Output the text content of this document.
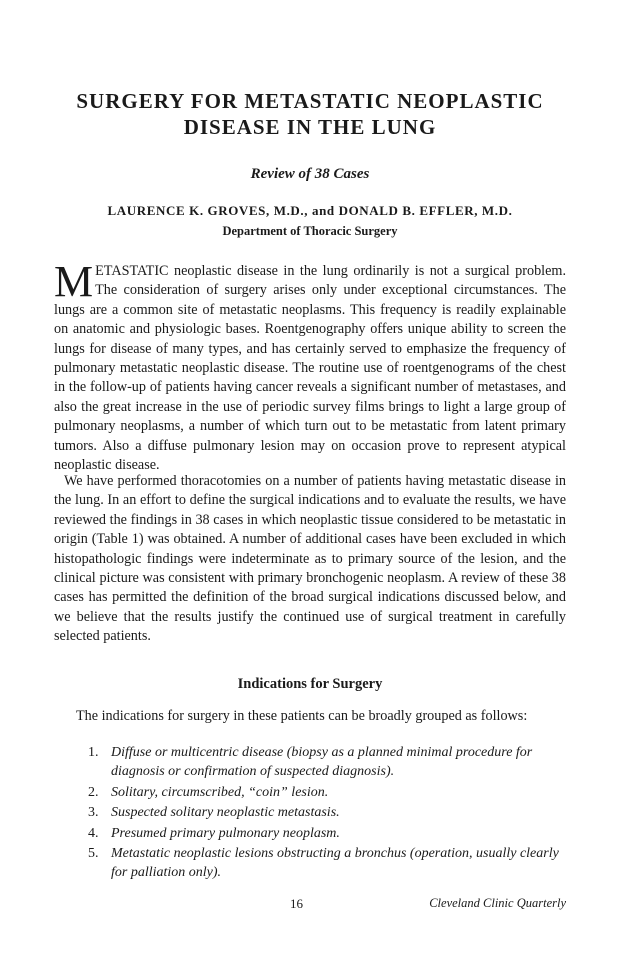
SURGERY FOR METASTATIC NEOPLASTIC DISEASE IN THE LUNG
Review of 38 Cases

LAURENCE K. GROVES, M.D., and DONALD B. EFFLER, M.D.

Department of Thoracic Surgery

METASTATIC neoplastic disease in the lung ordinarily is not a surgical problem. The consideration of surgery arises only under exceptional circumstances. The lungs are a common site of metastatic neoplasms. This frequency is readily explainable on anatomic and physiologic bases. Roentgenography offers unique ability to screen the lungs for disease of many types, and has certainly served to emphasize the frequency of pulmonary metastatic neoplastic disease. The routine use of roentgenograms of the chest in the follow-up of patients having cancer reveals a significant number of metastases, and also the great increase in the use of periodic survey films brings to light a large group of pulmonary neoplasms, a number of which turn out to be metastatic from latent primary tumors. Also a diffuse pulmonary lesion may on occasion prove to represent atypical neoplastic disease.

We have performed thoracotomies on a number of patients having metastatic disease in the lung. In an effort to define the surgical indications and to evaluate the results, we have reviewed the findings in 38 cases in which neoplastic tissue considered to be metastatic in origin (Table 1) was obtained. A number of additional cases have been excluded in which histopathologic findings were indeterminate as to primary source of the lesion, and the clinical picture was consistent with primary bronchogenic neoplasm. A review of these 38 cases has permitted the definition of the broad surgical indications discussed below, and we believe that the results justify the continued use of surgical treatment in carefully selected patients.

Indications for Surgery

The indications for surgery in these patients can be broadly grouped as follows:

1. Diffuse or multicentric disease (biopsy as a planned minimal procedure for diagnosis or confirmation of suspected diagnosis).
2. Solitary, circumscribed, “coin” lesion.
3. Suspected solitary neoplastic metastasis.
4. Presumed primary pulmonary neoplasm.
5. Metastatic neoplastic lesions obstructing a bronchus (operation, usually clearly for palliation only).
16	Cleveland Clinic Quarterly
